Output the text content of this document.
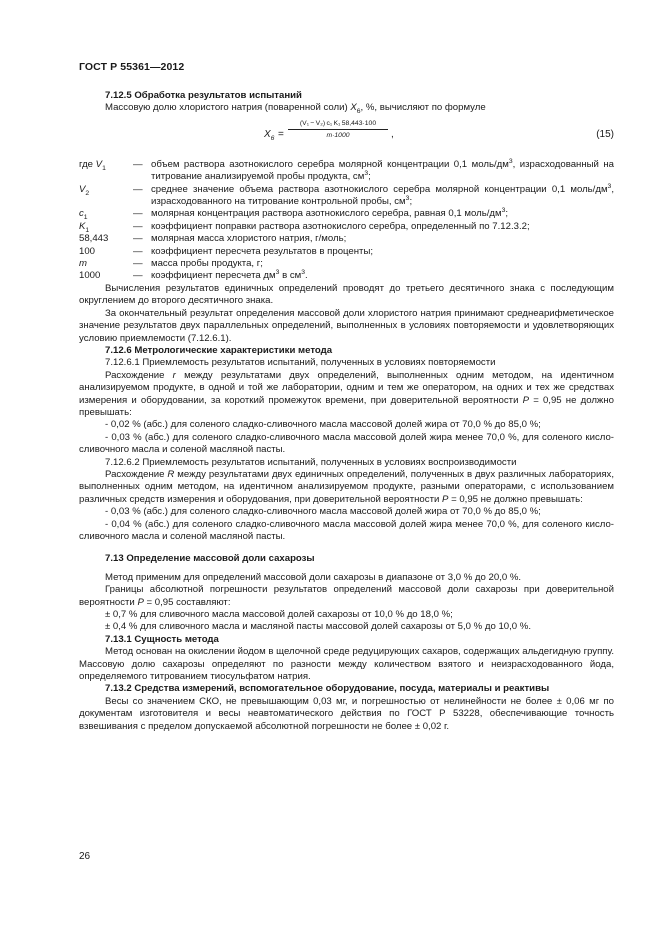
ГОСТ Р 55361—2012

7.12.5 Обработка результатов испытаний

Массовую долю хлористого натрия (поваренной соли) $X_6$, %, вычисляют по формуле

$X_6 = \frac{\text{(V₁ − V₂) c₁ K₁ 58,443·100}}{m\cdot 1000}$ ,	(15)
где $V_1$	— объем раствора азотнокислого серебра молярной концентрации 0,1 моль/$дм^3$, израсходованный на титрование анализируемой пробы продукта, $см^3$;
$V_2$	— среднее значение объема раствора азотнокислого серебра молярной концентрации 0,1 моль/$дм^3$, израсходованного на титрование контрольной пробы, $см^3$;
$c_1$	— молярная концентрация раствора азотнокислого серебра, равная 0,1 моль/$дм^3$;
$K_1$	— коэффициент поправки раствора азотнокислого серебра, определенный по 7.12.3.2;
58,443	— молярная масса хлористого натрия, г/моль;
100	— коэффициент пересчета результатов в проценты;
m	— масса пробы продукта, г;
1000	— коэффициент пересчета $дм^3$ в $см^3$.

Вычисления результатов единичных определений проводят до третьего десятичного знака с последующим округлением до второго десятичного знака.

За окончательный результат определения массовой доли хлористого натрия принимают среднеарифметическое значение результатов двух параллельных определений, выполненных в условиях повторяемости и удовлетворяющих условию приемлемости (7.12.6.1).

7.12.6 Метрологические характеристики метода

7.12.6.1 Приемлемость результатов испытаний, полученных в условиях повторяемости

Расхождение r между результатами двух определений, выполненных одним методом, на идентичном анализируемом продукте, в одной и той же лаборатории, одним и тем же оператором, на одних и тех же средствах измерения и оборудовании, за короткий промежуток времени, при доверительной вероятности P = 0,95 не должно превышать:

- 0,02 % (абс.) для соленого сладко-сливочного масла массовой долей жира от 70,0 % до 85,0 %;

- 0,03 % (абс.) для соленого сладко-сливочного масла массовой долей жира менее 70,0 %, для соленого кисло-сливочного масла и соленой масляной пасты.

7.12.6.2 Приемлемость результатов испытаний, полученных в условиях воспроизводимости

Расхождение R между результатами двух единичных определений, полученных в двух различных лабораториях, выполненных одним методом, на идентичном анализируемом продукте, разными операторами, с использованием различных средств измерения и оборудования, при доверительной вероятности P = 0,95 не должно превышать:

- 0,03 % (абс.) для соленого сладко-сливочного масла массовой долей жира от 70,0 % до 85,0 %;

- 0,04 % (абс.) для соленого сладко-сливочного масла массовой долей жира менее 70,0 %, для соленого кисло-сливочного масла и соленой масляной пасты.

7.13 Определение массовой доли сахарозы

Метод применим для определений массовой доли сахарозы в диапазоне от 3,0 % до 20,0 %.

Границы абсолютной погрешности результатов определений массовой доли сахарозы при доверительной вероятности P = 0,95 составляют:

± 0,7 % для сливочного масла массовой долей сахарозы от 10,0 % до 18,0 %;

± 0,4 % для сливочного масла и масляной пасты массовой долей сахарозы от 5,0 % до 10,0 %.

7.13.1 Сущность метода

Метод основан на окислении йодом в щелочной среде редуцирующих сахаров, содержащих альдегидную группу. Массовую долю сахарозы определяют по разности между количеством взятого и неизрасходованного йода, определяемого титрованием тиосульфатом натрия.

7.13.2 Средства измерений, вспомогательное оборудование, посуда, материалы и реактивы

Весы со значением СКО, не превышающим 0,03 мг, и погрешностью от нелинейности не более ± 0,06 мг по документам изготовителя и весы неавтоматического действия по ГОСТ Р 53228, обеспечивающие точность взвешивания с пределом допускаемой абсолютной погрешности не более ± 0,02 г.

26
